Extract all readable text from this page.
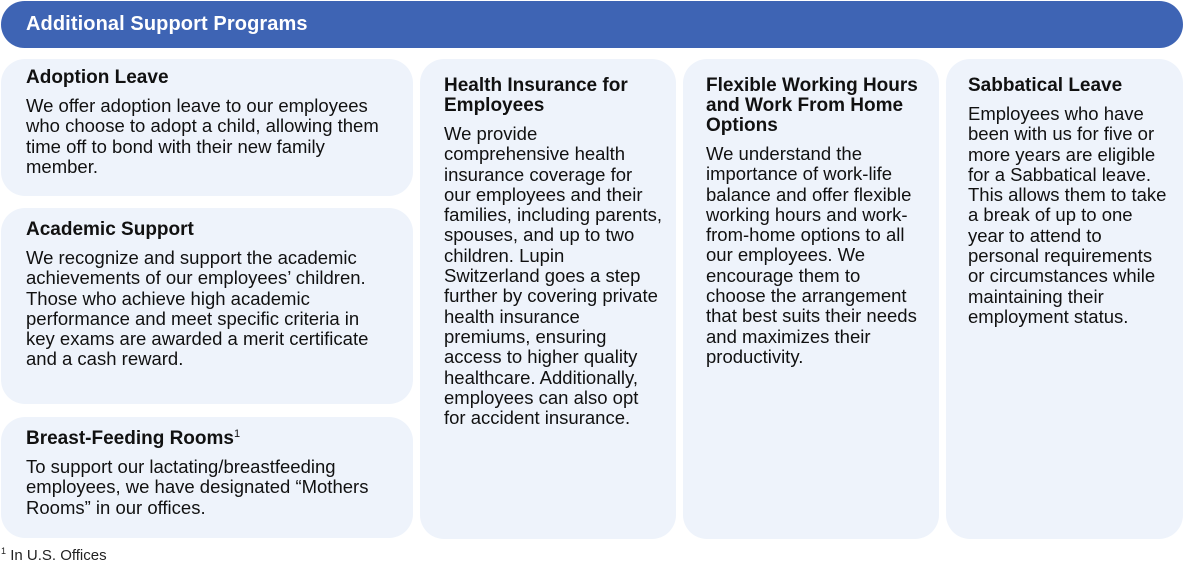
Additional Support Programs
Adoption Leave

We offer adoption leave to our employees who choose to adopt a child, allowing them time off to bond with their new family member.

Academic Support

We recognize and support the academic achievements of our employees’ children. Those who achieve high academic performance and meet specific criteria in key exams are awarded a merit certificate and a cash reward.

Breast-Feeding Rooms$^1$

To support our lactating/breastfeeding employees, we have designated “Mothers Rooms” in our offices.

Health Insurance for Employees

We provide comprehensive health insurance coverage for our employees and their families, including parents, spouses, and up to two children. Lupin Switzerland goes a step further by covering private health insurance premiums, ensuring access to higher quality healthcare. Additionally, employees can also opt for accident insurance.

Flexible Working Hours and Work From Home Options

We understand the importance of work-life balance and offer flexible working hours and work-from-home options to all our employees. We encourage them to choose the arrangement that best suits their needs and maximizes their productivity.

Sabbatical Leave

Employees who have been with us for five or more years are eligible for a Sabbatical leave. This allows them to take a break of up to one year to attend to personal requirements or circumstances while maintaining their employment status.

$^1$ In U.S. Offices
